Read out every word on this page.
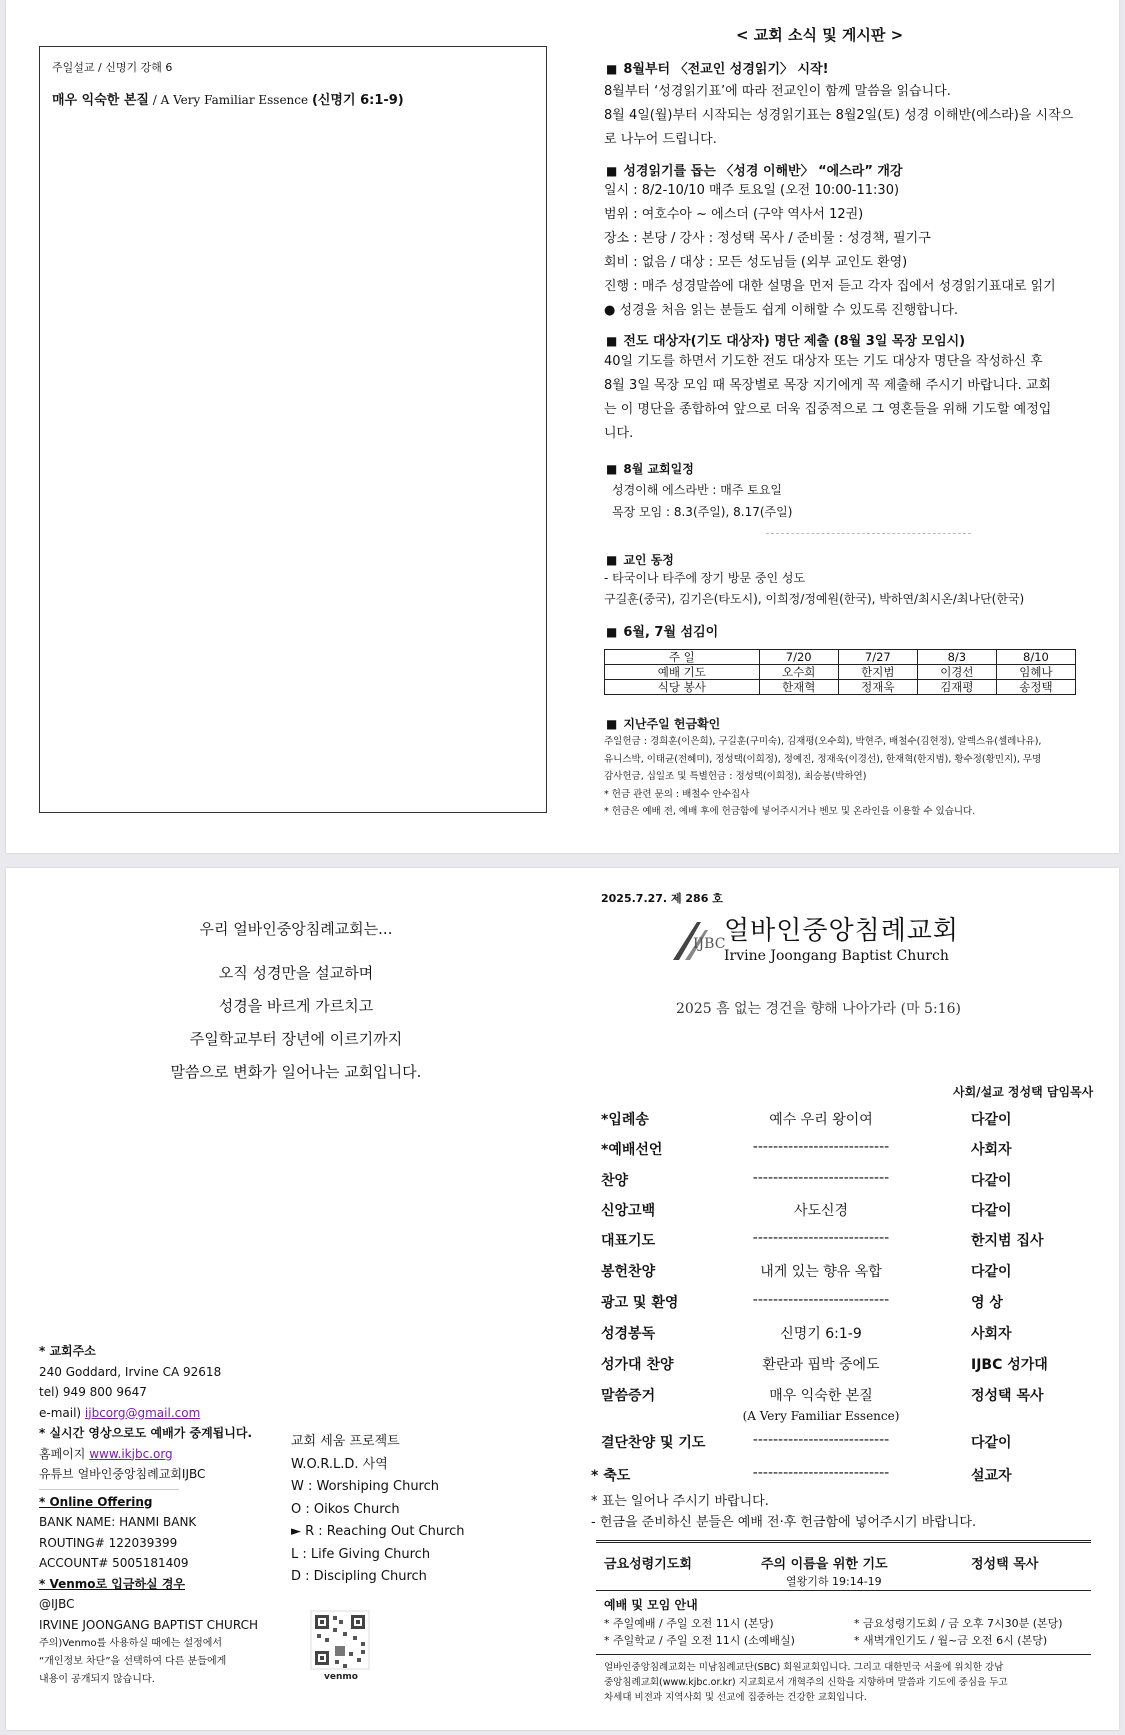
주일설교 / 신명기 강해 6
매우 익숙한 본질 / A Very Familiar Essence (신명기 6:1-9)
< 교회 소식 및 게시판 >
■ 8월부터 〈전교인 성경읽기〉 시작!
8월부터 ‘성경읽기표’에 따라 전교인이 함께 말씀을 읽습니다.
8월 4일(월)부터 시작되는 성경읽기표는 8월2일(토) 성경 이해반(에스라)을 시작으
로 나누어 드립니다.
■ 성경읽기를 돕는 〈성경 이해반〉 “에스라” 개강
일시 : 8/2-10/10 매주 토요일 (오전 10:00-11:30)
범위 : 여호수아 ~ 에스더 (구약 역사서 12권)
장소 : 본당 / 강사 : 정성택 목사 / 준비물 : 성경책, 필기구
회비 : 없음 / 대상 : 모든 성도님들 (외부 교인도 환영)
진행 : 매주 성경말씀에 대한 설명을 먼저 듣고 각자 집에서 성경읽기표대로 읽기
● 성경을 처음 읽는 분들도 쉽게 이해할 수 있도록 진행합니다.
■ 전도 대상자(기도 대상자) 명단 제출 (8월 3일 목장 모임시)
40일 기도를 하면서 기도한 전도 대상자 또는 기도 대상자 명단을 작성하신 후
8월 3일 목장 모임 때 목장별로 목장 지기에게 꼭 제출해 주시기 바랍니다. 교회
는 이 명단을 종합하여 앞으로 더욱 집중적으로 그 영혼들을 위해 기도할 예정입
니다.
■ 8월 교회일정
성경이해 에스라반 : 매주 토요일
목장 모임 : 8.3(주일), 8.17(주일)
■ 교인 동정
- 타국이나 타주에 장기 방문 중인 성도
구길훈(중국), 김기은(타도시), 이희정/정예원(한국), 박하연/최시온/최나단(한국)
■ 6월, 7월 섬김이
주 일	7/20	7/27	8/3	8/10
예배 기도	오수희	한지범	이경선	임혜나
식당 봉사	한재혁	정재욱	김재평	송정택
■ 지난주일 헌금확인
주일헌금 : 경희훈(이은희), 구길훈(구미숙), 김재평(오수희), 박현주, 배철수(김현정), 알렉스유(셀레나유),
유니스박, 이태균(전혜미), 정성택(이희정), 정예진, 정재욱(이경선), 한재혁(한지범), 황수정(황민지), 무명
감사헌금, 십일조 및 특별헌금 : 정성택(이희정), 최승봉(박하연)
* 헌금 관련 문의 : 배철수 안수집사
* 헌금은 예배 전, 예배 후에 헌금함에 넣어주시거나 벤모 및 온라인을 이용할 수 있습니다.
우리 얼바인중앙침례교회는...
오직 성경만을 설교하며
성경을 바르게 가르치고
주일학교부터 장년에 이르기까지
말씀으로 변화가 일어나는 교회입니다.
* 교회주소
240 Goddard, Irvine CA 92618
tel) 949 800 9647
e-mail) ijbcorg@gmail.com
* 실시간 영상으로도 예배가 중계됩니다.
홈페이지 www.ikjbc.org
유튜브 얼바인중앙침례교회IJBC
* Online Offering
BANK NAME: HANMI BANK
ROUTING# 122039399
ACCOUNT# 5005181409
* Venmo로 입금하실 경우
@IJBC
IRVINE JOONGANG BAPTIST CHURCH
주의)Venmo를 사용하실 때에는 설정에서
“개인정보 차단”을 선택하여 다른 분들에게
내용이 공개되지 않습니다.
교회 세움 프로젝트
W.O.R.L.D. 사역
W : Worshiping Church
O : Oikos Church
► R : Reaching Out Church
L : Life Giving Church
D : Discipling Church
venmo
2025.7.27. 제 286 호
IJBC
얼바인중앙침례교회
Irvine Joongang Baptist Church
2025 흠 없는 경건을 향해 나아가라 (마 5:16)
사회/설교 정성택 담임목사
*입례송	예수 우리 왕이여	다같이
*예배선언	---------------------------	사회자
찬양	---------------------------	다같이
신앙고백	사도신경	다같이
대표기도	---------------------------	한지범 집사
봉헌찬양	내게 있는 향유 옥합	다같이
광고 및 환영	---------------------------	영 상
성경봉독	신명기 6:1-9	사회자
성가대 찬양	환란과 핍박 중에도	IJBC 성가대
말씀증거	매우 익숙한 본질	정성택 목사
(A Very Familiar Essence)
결단찬양 및 기도	---------------------------	다같이
* 축도	---------------------------	설교자
* 표는 일어나 주시기 바랍니다.
- 헌금을 준비하신 분들은 예배 전·후 헌금함에 넣어주시기 바랍니다.
금요성령기도회	주의 이름을 위한 기도	정성택 목사
열왕기하 19:14-19
예배 및 모임 안내
* 주일예배 / 주일 오전 11시 (본당)
* 주일학교 / 주일 오전 11시 (소예배실)
* 금요성령기도회 / 금 오후 7시30분 (본당)
* 새벽개인기도 / 월~금 오전 6시 (본당)
얼바인중앙침례교회는 미남침례교단(SBC) 회원교회입니다. 그리고 대한민국 서울에 위치한 강남
중앙침례교회(www.kjbc.or.kr) 지교회로서 개혁주의 신학을 지향하며 말씀과 기도에 중심을 두고
차세대 비전과 지역사회 및 선교에 집중하는 건강한 교회입니다.
